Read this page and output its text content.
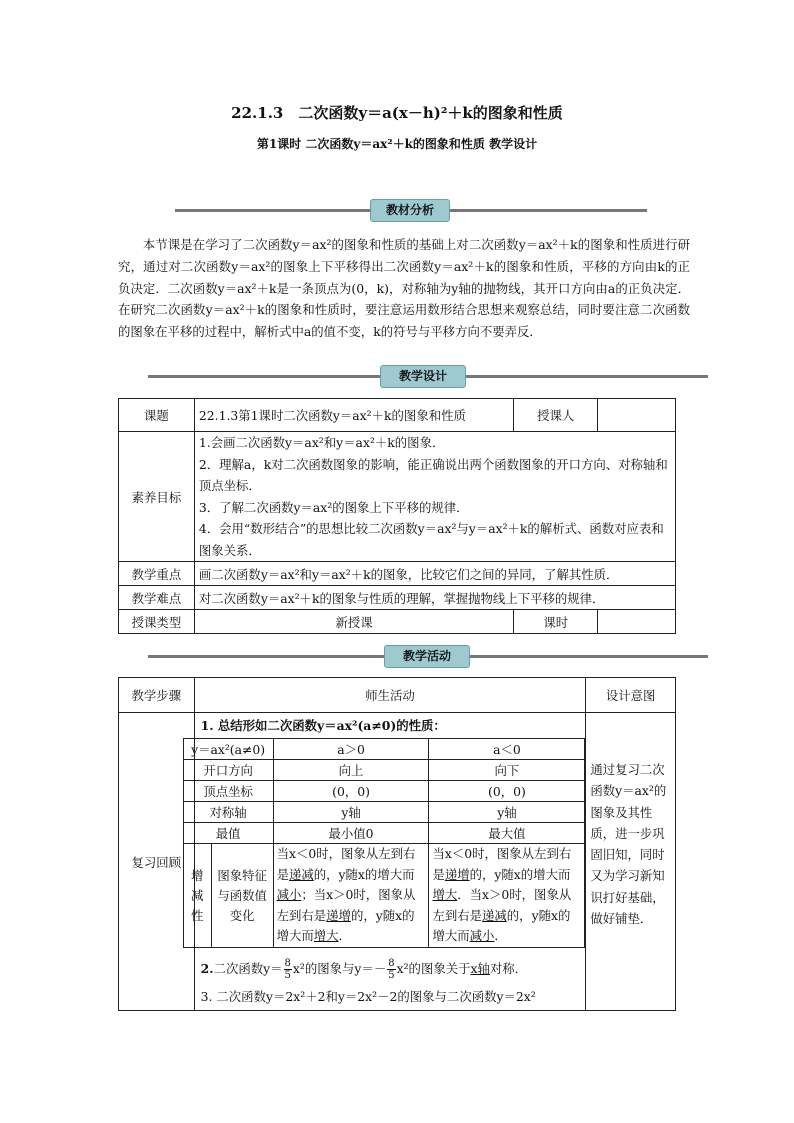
22.1.3　二次函数y＝a(x－h)²＋k的图象和性质
第1课时 二次函数y＝ax²＋k的图象和性质 教学设计
教材分析
本节课是在学习了二次函数y＝ax²的图象和性质的基础上对二次函数y＝ax²＋k的图象和性质进行研究，通过对二次函数y＝ax²的图象上下平移得出二次函数y＝ax²＋k的图象和性质，平移的方向由k的正负决定．二次函数y＝ax²＋k是一条顶点为(0，k)，对称轴为y轴的抛物线，其开口方向由a的正负决定．在研究二次函数y＝ax²＋k的图象和性质时，要注意运用数形结合思想来观察总结，同时要注意二次函数的图象在平移的过程中，解析式中a的值不变，k的符号与平移方向不要弄反．
教学设计
课题	22.1.3第1课时二次函数y＝ax²＋k的图象和性质	授课人	
素养目标	1.会画二次函数y＝ax²和y＝ax²＋k的图象．
2．理解a，k对二次函数图象的影响，能正确说出两个函数图象的开口方向、对称轴和顶点坐标．
3．了解二次函数y＝ax²的图象上下平移的规律．
4．会用“数形结合”的思想比较二次函数y＝ax²与y＝ax²＋k的解析式、函数对应表和图象关系．		

教学重点	画二次函数y＝ax²和y＝ax²＋k的图象，比较它们之间的异同，了解其性质．		
教学难点	对二次函数y＝ax²＋k的图象与性质的理解，掌握抛物线上下平移的规律．		
授课类型	新授课	课时	
教学活动
教学步骤	师生活动	设计意图
复习回顾	
1. 总结形如二次函数y＝ax²(a≠0)的性质：
y＝ax²(a≠0)	a＞0	a＜0
开口方向	向上	向下
顶点坐标	(0，0)	(0，0)
对称轴	y轴	y轴
最值	最小值0	最大值
增减性	图象特征与函数值变化	当x＜0时，图象从左到右是递减的，y随x的增大而减小；当x＞0时，图象从左到右是递增的，y随x的增大而增大．	当x＜0时，图象从左到右是递增的，y随x的增大而增大．当x＞0时，图象从左到右是递减的，y随x的增大而减小．
2.二次函数$y= \frac{8}{5} x^2$的图象与$y=- \frac{8}{5} x^2$的图象关于x轴对称．
3. 二次函数y＝2x²＋2和y＝2x²－2的图象与二次函数y＝2x²
	通过复习二次函数y＝ax²的图象及其性质，进一步巩固旧知，同时又为学习新知识打好基础，做好铺垫．
